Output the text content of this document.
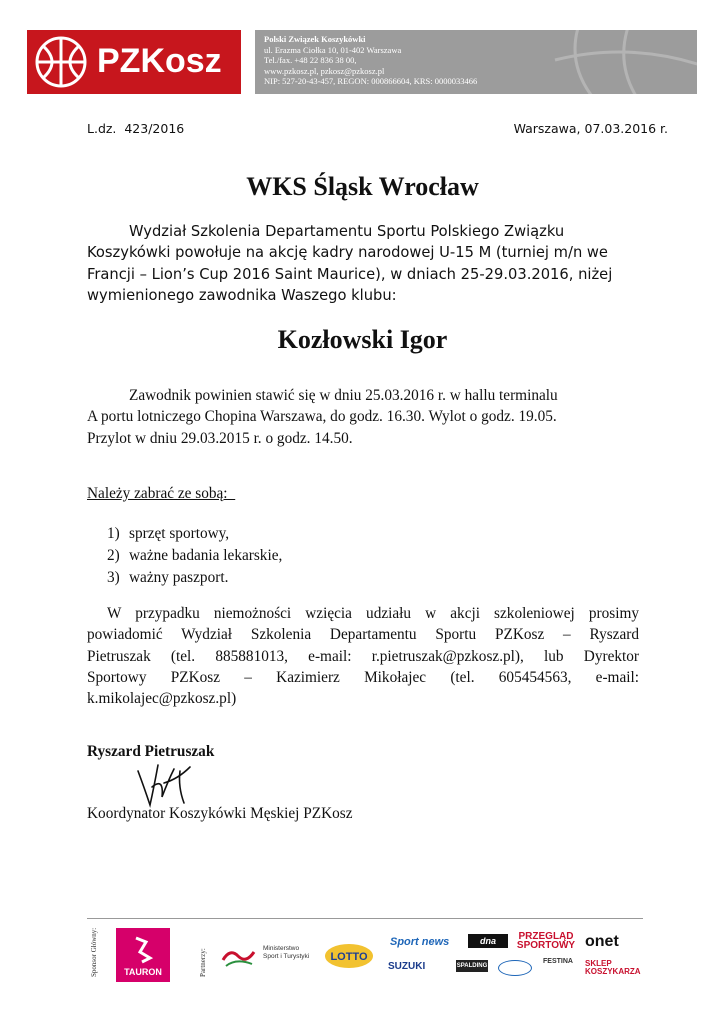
PZKosz
Polski Związek Koszykówki
ul. Erazma Ciołka 10, 01-402 Warszawa
Tel./fax. +48 22 836 38 00,
www.pzkosz.pl, pzkosz@pzkosz.pl
NIP: 527-20-43-457, REGON: 000866604, KRS: 0000033466
L.dz.  423/2016	Warszawa, 07.03.2016 r.
WKS Śląsk Wrocław
Wydział Szkolenia Departamentu Sportu Polskiego Związku
Koszykówki powołuje na akcję kadry narodowej U-15 M (turniej m/n we
Francji – Lion’s Cup 2016 Saint Maurice), w dniach 25-29.03.2016, niżej
wymienionego zawodnika Waszego klubu:
Kozłowski Igor
Zawodnik powinien stawić się w dniu 25.03.2016 r. w hallu terminalu
A portu lotniczego Chopina Warszawa, do godz. 16.30. Wylot o godz. 19.05.
Przylot w dniu 29.03.2015 r. o godz. 14.50.
Należy zabrać ze sobą:
1) sprzęt sportowy,
2) ważne badania lekarskie,
3) ważny paszport.
W przypadku niemożności wzięcia udziału w akcji szkoleniowej prosimy
powiadomić Wydział Szkolenia Departamentu Sportu PZKosz – Ryszard
Pietruszak (tel. 885881013, e-mail: r.pietruszak@pzkosz.pl), lub Dyrektor
Sportowy PZKosz – Kazimierz Mikołajec (tel. 605454563, e-mail:
k.mikolajec@pzkosz.pl)
Ryszard Pietruszak
Koordynator Koszykówki Męskiej PZKosz
Sponsor Główny:	TAURON	Partnerzy:	Ministerstwo
Sport i Turystyki LOTTO
Sport news	dna	PRZEGLĄD SPORTOWY onet
SUZUKI	SPALDING
FESTINA SKLEP KOSZYKARZA
